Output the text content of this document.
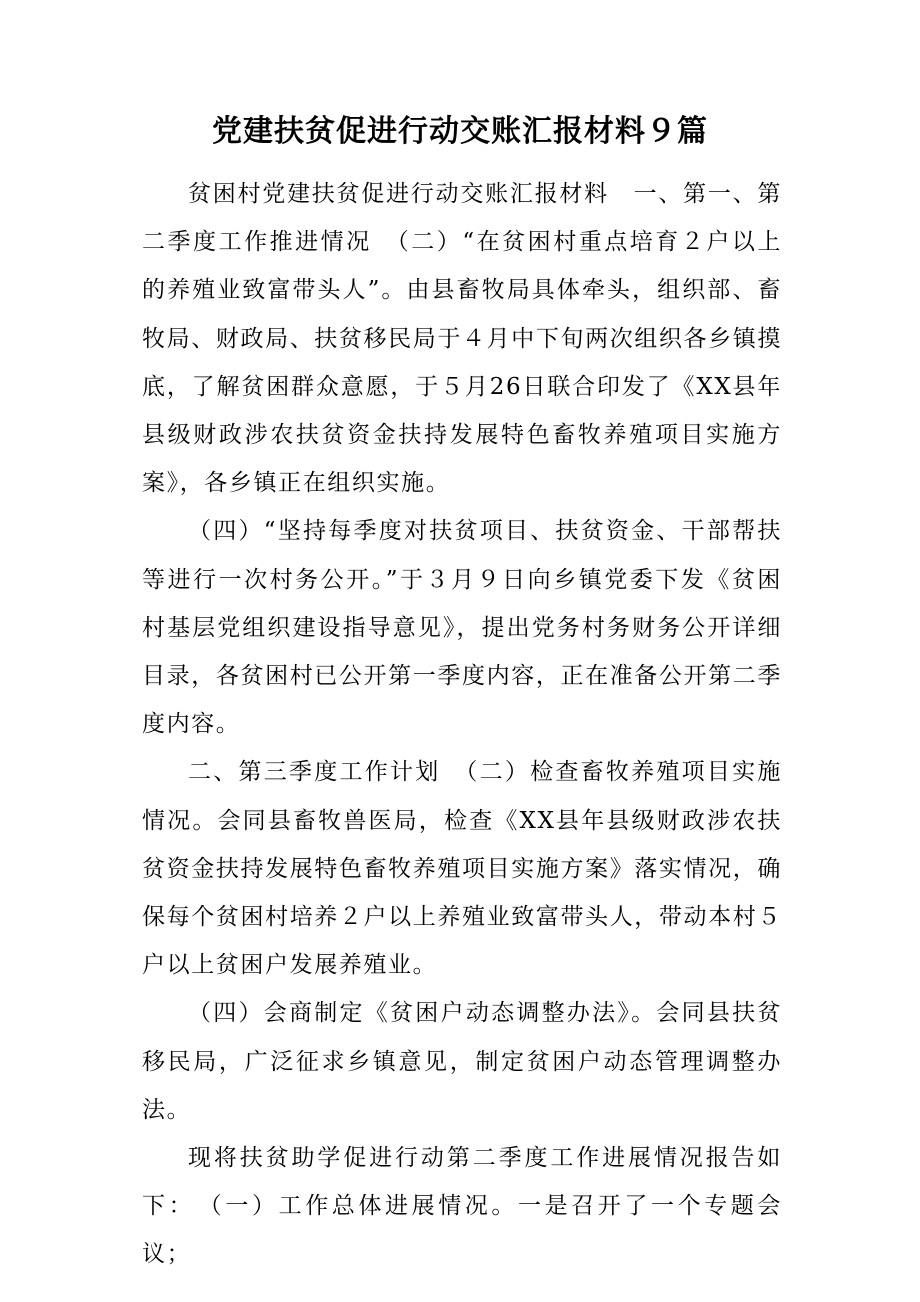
党建扶贫促进行动交账汇报材料９篇

贫困村党建扶贫促进行动交账汇报材料　一、第一、第二季度工作推进情况　（二）“在贫困村重点培育２户以上的养殖业致富带头人”。由县畜牧局具体牵头，组织部、畜牧局、财政局、扶贫移民局于４月中下旬两次组织各乡镇摸底，了解贫困群众意愿，于５月26日联合印发了《XX县年县级财政涉农扶贫资金扶持发展特色畜牧养殖项目实施方案》，各乡镇正在组织实施。

（四）“坚持每季度对扶贫项目、扶贫资金、干部帮扶等进行一次村务公开。”于３月９日向乡镇党委下发《贫困村基层党组织建设指导意见》，提出党务村务财务公开详细目录，各贫困村已公开第一季度内容，正在准备公开第二季度内容。

二、第三季度工作计划　（二）检查畜牧养殖项目实施情况。会同县畜牧兽医局，检查《XX县年县级财政涉农扶贫资金扶持发展特色畜牧养殖项目实施方案》落实情况，确保每个贫困村培养２户以上养殖业致富带头人，带动本村５户以上贫困户发展养殖业。

（四）会商制定《贫困户动态调整办法》。会同县扶贫移民局，广泛征求乡镇意见，制定贫困户动态管理调整办法。

现将扶贫助学促进行动第二季度工作进展情况报告如下：　（一）工作总体进展情况。一是召开了一个专题会议；
